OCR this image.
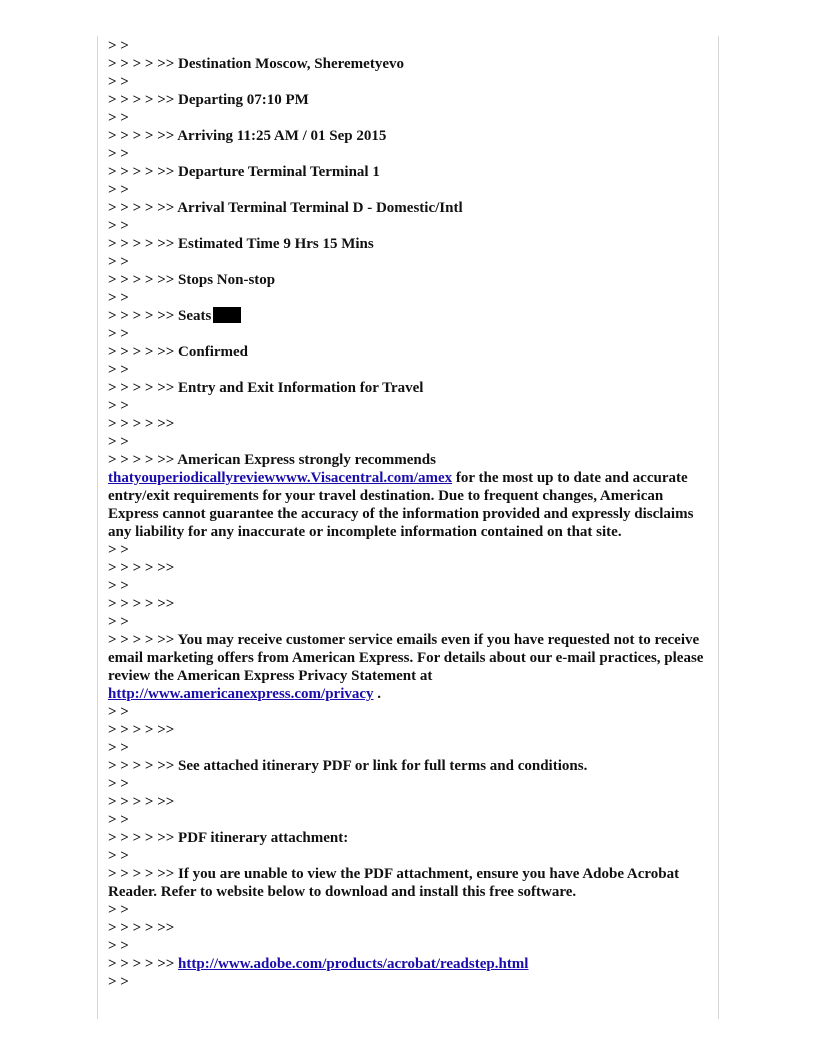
> >
> > > > >> Destination Moscow, Sheremetyevo
> >
> > > > >> Departing 07:10 PM
> >
> > > > >> Arriving 11:25 AM / 01 Sep 2015
> >
> > > > >> Departure Terminal Terminal 1
> >
> > > > >> Arrival Terminal Terminal D - Domestic/Intl
> >
> > > > >> Estimated Time 9 Hrs 15 Mins
> >
> > > > >> Stops Non-stop
> >
> > > > >> Seats
> >
> > > > >> Confirmed
> >
> > > > >> Entry and Exit Information for Travel
> >
> > > > >>
> >
> > > > >> American Express strongly recommends
thatyouperiodicallyreviewwww.Visacentral.com/amex for the most up to date and accurate entry/exit requirements for your travel destination. Due to frequent changes, American Express cannot guarantee the accuracy of the information provided and expressly disclaims any liability for any inaccurate or incomplete information contained on that site.
> >
> > > > >>
> >
> > > > >>
> >
> > > > >> You may receive customer service emails even if you have requested not to receive email marketing offers from American Express. For details about our e-mail practices, please review the American Express Privacy Statement at
http://www.americanexpress.com/privacy .
> >
> > > > >>
> >
> > > > >> See attached itinerary PDF or link for full terms and conditions.
> >
> > > > >>
> >
> > > > >> PDF itinerary attachment:
> >
> > > > >> If you are unable to view the PDF attachment, ensure you have Adobe Acrobat Reader. Refer to website below to download and install this free software.
> >
> > > > >>
> >
> > > > >> http://www.adobe.com/products/acrobat/readstep.html
> >
